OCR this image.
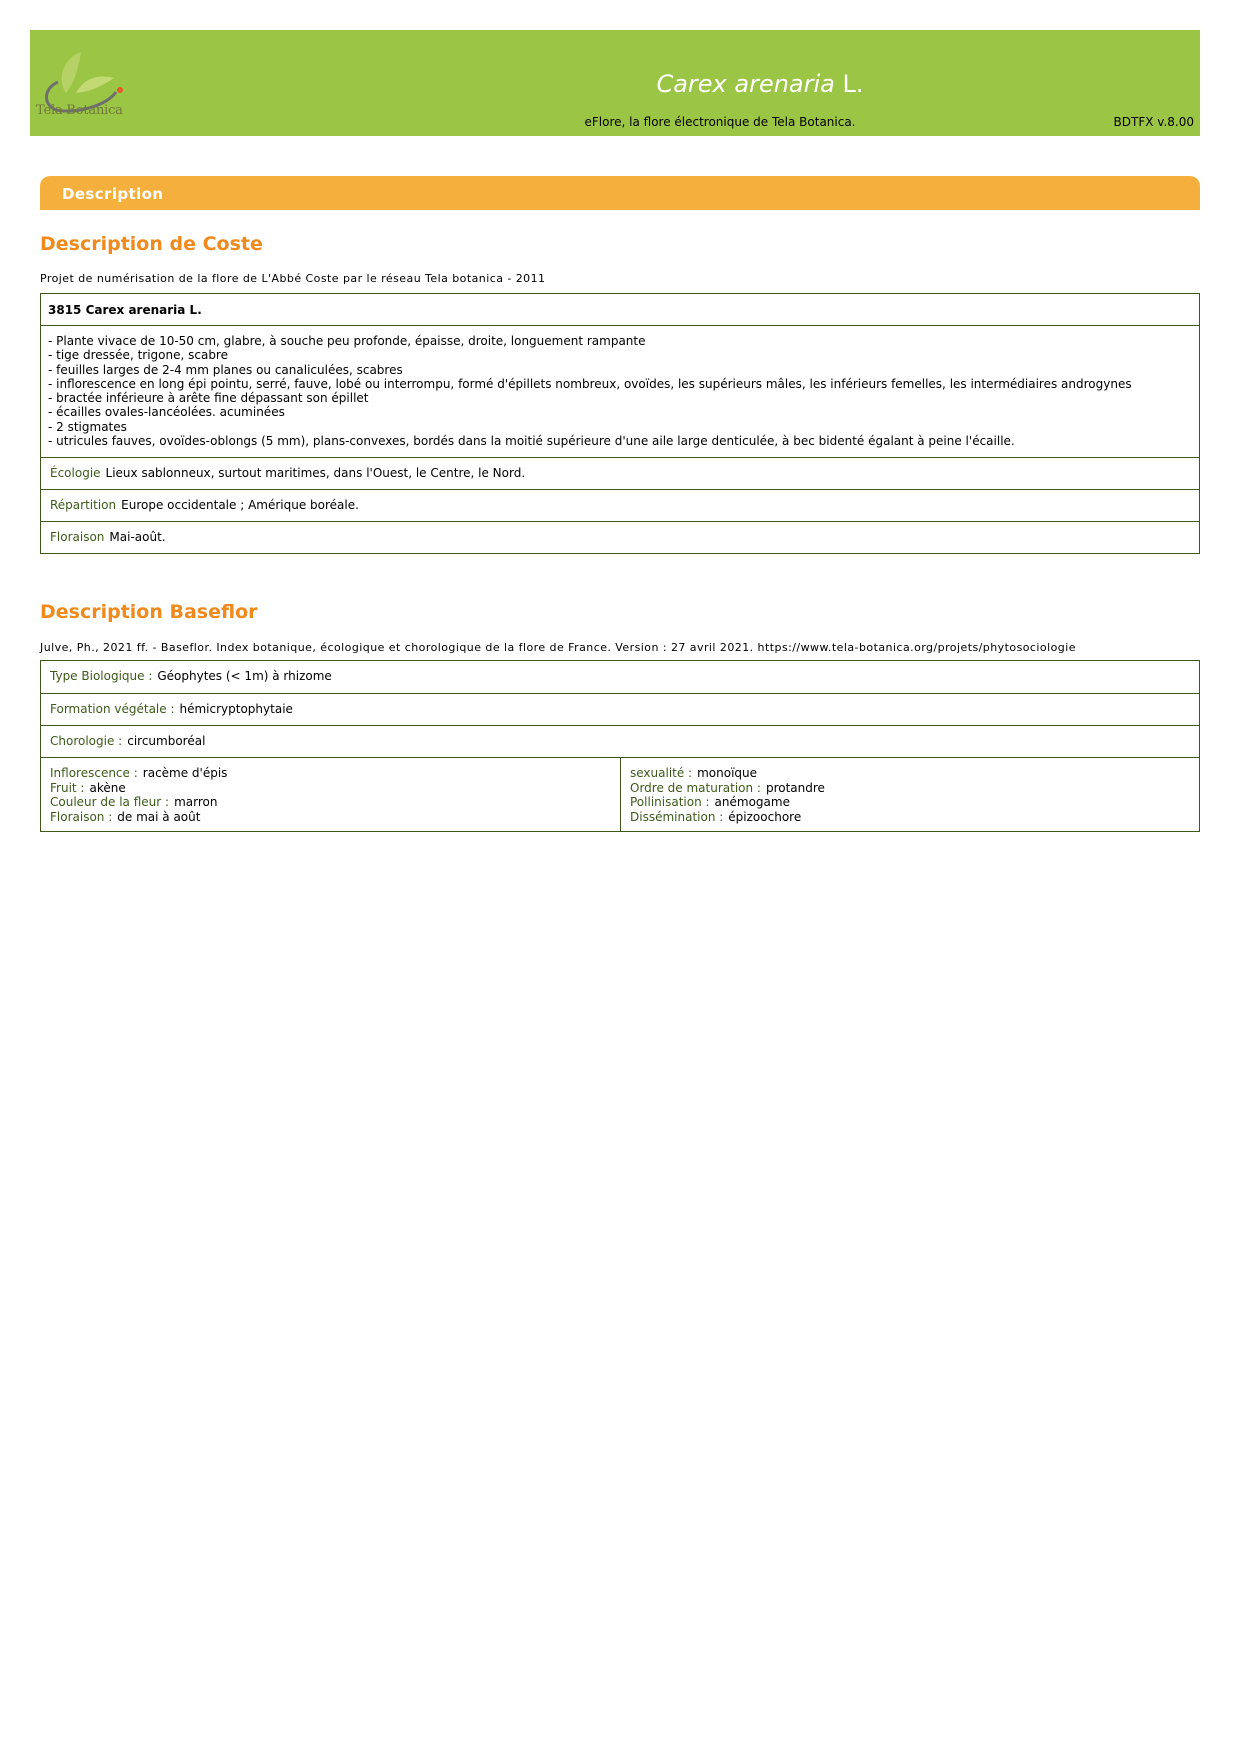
Tela Botanica
Carex arenaria L.
eFlore, la flore électronique de Tela Botanica.	BDTFX v.8.00
Description
Description de Coste
Projet de numérisation de la flore de L'Abbé Coste par le réseau Tela botanica - 2011
3815 Carex arenaria L.
- Plante vivace de 10-50 cm, glabre, à souche peu profonde, épaisse, droite, longuement rampante
- tige dressée, trigone, scabre
- feuilles larges de 2-4 mm planes ou canaliculées, scabres
- inflorescence en long épi pointu, serré, fauve, lobé ou interrompu, formé d'épillets nombreux, ovoïdes, les supérieurs mâles, les inférieurs femelles, les intermédiaires androgynes
- bractée inférieure à arête fine dépassant son épillet
- écailles ovales-lancéolées. acuminées
- 2 stigmates
- utricules fauves, ovoïdes-oblongs (5 mm), plans-convexes, bordés dans la moitié supérieure d'une aile large denticulée, à bec bidenté égalant à peine l'écaille.
Écologie Lieux sablonneux, surtout maritimes, dans l'Ouest, le Centre, le Nord.
Répartition Europe occidentale ; Amérique boréale.
Floraison Mai-août.
Description Baseflor
Julve, Ph., 2021 ff. - Baseflor. Index botanique, écologique et chorologique de la flore de France. Version : 27 avril 2021. https://www.tela-botanica.org/projets/phytosociologie
Type Biologique : Géophytes (< 1m) à rhizome
Formation végétale : hémicryptophytaie
Chorologie : circumboréal
Inflorescence : racème d'épis
Fruit : akène
Couleur de la fleur : marron
Floraison : de mai à août
sexualité : monoïque
Ordre de maturation : protandre
Pollinisation : anémogame
Dissémination : épizoochore
